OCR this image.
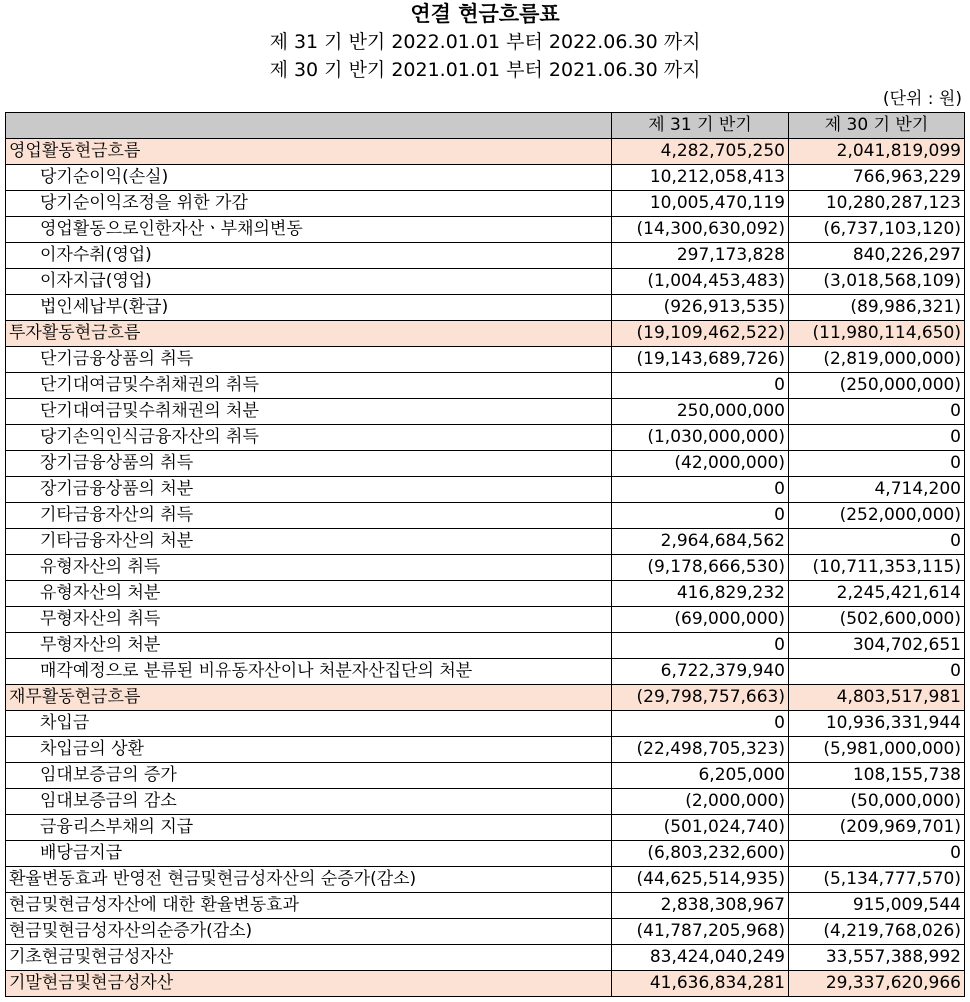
연결 현금흐름표
제 31 기 반기 2022.01.01 부터 2022.06.30 까지
제 30 기 반기 2021.01.01 부터 2021.06.30 까지
(단위 : 원)
	제 31 기 반기	제 30 기 반기
영업활동현금흐름	4,282,705,250	2,041,819,099
당기순이익(손실)	10,212,058,413	766,963,229
당기순이익조정을 위한 가감	10,005,470,119	10,280,287,123
영업활동으로인한자산ㆍ부채의변동	(14,300,630,092)	(6,737,103,120)
이자수취(영업)	297,173,828	840,226,297
이자지급(영업)	(1,004,453,483)	(3,018,568,109)
법인세납부(환급)	(926,913,535)	(89,986,321)
투자활동현금흐름	(19,109,462,522)	(11,980,114,650)
단기금융상품의 취득	(19,143,689,726)	(2,819,000,000)
단기대여금및수취채권의 취득	0	(250,000,000)
단기대여금및수취채권의 처분	250,000,000	0
당기손익인식금융자산의 취득	(1,030,000,000)	0
장기금융상품의 취득	(42,000,000)	0
장기금융상품의 처분	0	4,714,200
기타금융자산의 취득	0	(252,000,000)
기타금융자산의 처분	2,964,684,562	0
유형자산의 취득	(9,178,666,530)	(10,711,353,115)
유형자산의 처분	416,829,232	2,245,421,614
무형자산의 취득	(69,000,000)	(502,600,000)
무형자산의 처분	0	304,702,651
매각예정으로 분류된 비유동자산이나 처분자산집단의 처분	6,722,379,940	0
재무활동현금흐름	(29,798,757,663)	4,803,517,981
차입금	0	10,936,331,944
차입금의 상환	(22,498,705,323)	(5,981,000,000)
임대보증금의 증가	6,205,000	108,155,738
임대보증금의 감소	(2,000,000)	(50,000,000)
금융리스부채의 지급	(501,024,740)	(209,969,701)
배당금지급	(6,803,232,600)	0
환율변동효과 반영전 현금및현금성자산의 순증가(감소)	(44,625,514,935)	(5,134,777,570)
현금및현금성자산에 대한 환율변동효과	2,838,308,967	915,009,544
현금및현금성자산의순증가(감소)	(41,787,205,968)	(4,219,768,026)
기초현금및현금성자산	83,424,040,249	33,557,388,992
기말현금및현금성자산	41,636,834,281	29,337,620,966
